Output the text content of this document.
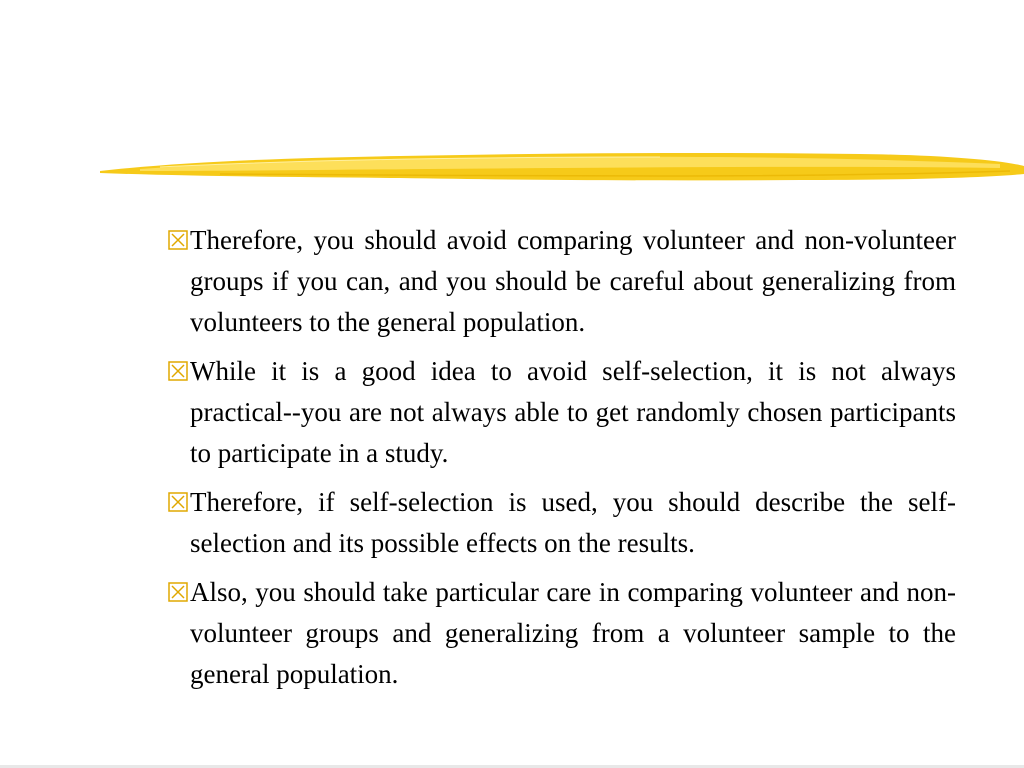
Therefore, you should avoid comparing volunteer and non-volunteer groups if you can, and you should be careful about generalizing from volunteers to the general population.
While it is a good idea to avoid self-selection, it is not always practical--you are not always able to get randomly chosen participants to participate in a study.
Therefore, if self-selection is used, you should describe the self-selection and its possible effects on the results.
Also, you should take particular care in comparing volunteer and non-volunteer groups and generalizing from a volunteer sample to the general population.
